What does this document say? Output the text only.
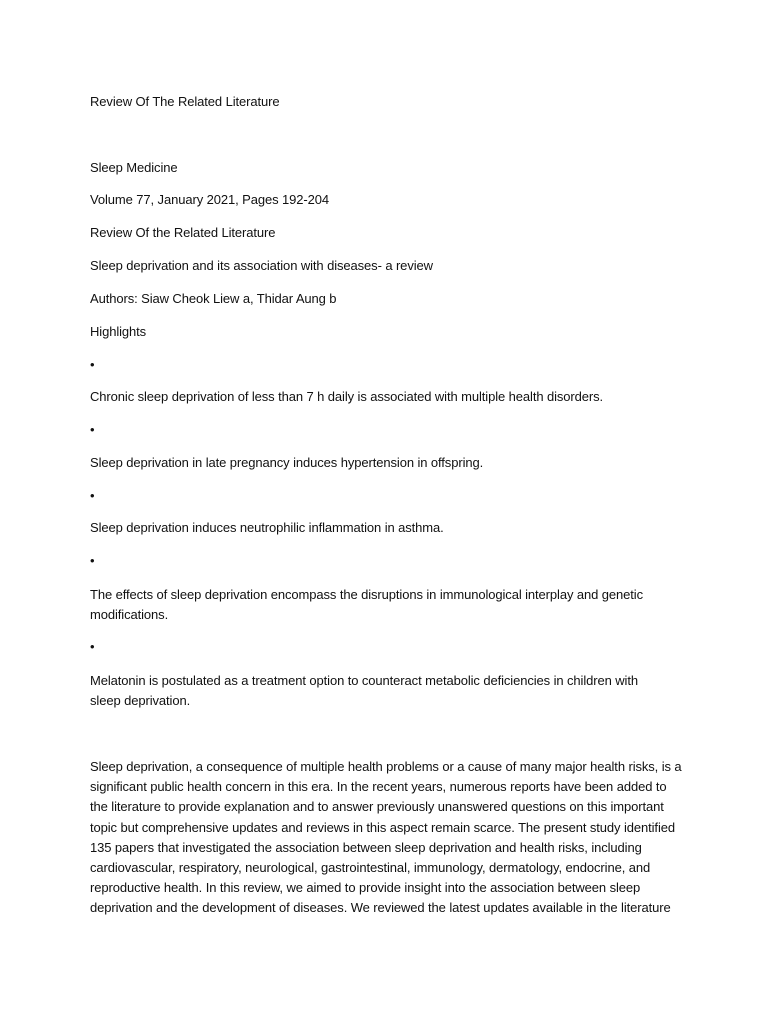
Review Of The Related Literature
Sleep Medicine
Volume 77, January 2021, Pages 192-204
Review Of the Related Literature
Sleep deprivation and its association with diseases- a review
Authors: Siaw Cheok Liew a, Thidar Aung b
Highlights
•
Chronic sleep deprivation of less than 7 h daily is associated with multiple health disorders.
•
Sleep deprivation in late pregnancy induces hypertension in offspring.
•
Sleep deprivation induces neutrophilic inflammation in asthma.
•
The effects of sleep deprivation encompass the disruptions in immunological interplay and genetic
modifications.
•
Melatonin is postulated as a treatment option to counteract metabolic deficiencies in children with
sleep deprivation.
Sleep deprivation, a consequence of multiple health problems or a cause of many major health risks, is a
significant public health concern in this era. In the recent years, numerous reports have been added to
the literature to provide explanation and to answer previously unanswered questions on this important
topic but comprehensive updates and reviews in this aspect remain scarce. The present study identified
135 papers that investigated the association between sleep deprivation and health risks, including
cardiovascular, respiratory, neurological, gastrointestinal, immunology, dermatology, endocrine, and
reproductive health. In this review, we aimed to provide insight into the association between sleep
deprivation and the development of diseases. We reviewed the latest updates available in the literature
